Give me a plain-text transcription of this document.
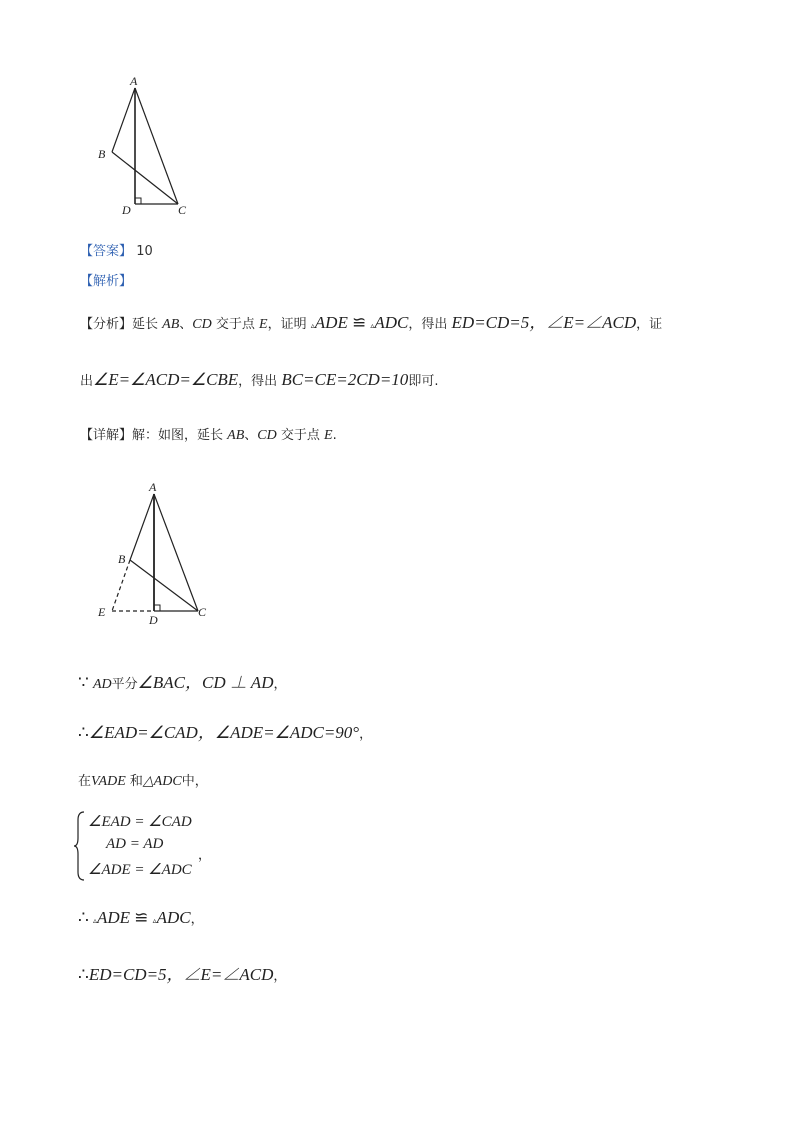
A
B
D	C
【答案】 10
【解析】
【分析】延长 AB、CD 交于点 E，证明 ▵ADE ≌ ▵ADC，得出 ED=CD=5，∠E=∠ACD，证
出∠E=∠ACD=∠CBE，得出 BC=CE=2CD=10即可.
【详解】解：如图，延长 AB、CD 交于点 E.
A
B
E
D
C
∵ AD平分∠BAC，CD ⊥ AD，
∴∠EAD=∠CAD，∠ADE=∠ADC=90°，
在VADE 和△ADC中，
∠EAD = ∠CAD
AD = AD
∠ADE = ∠ADC
，
∴ ▵ADE ≌ ▵ADC，
∴ED=CD=5，∠E=∠ACD，
